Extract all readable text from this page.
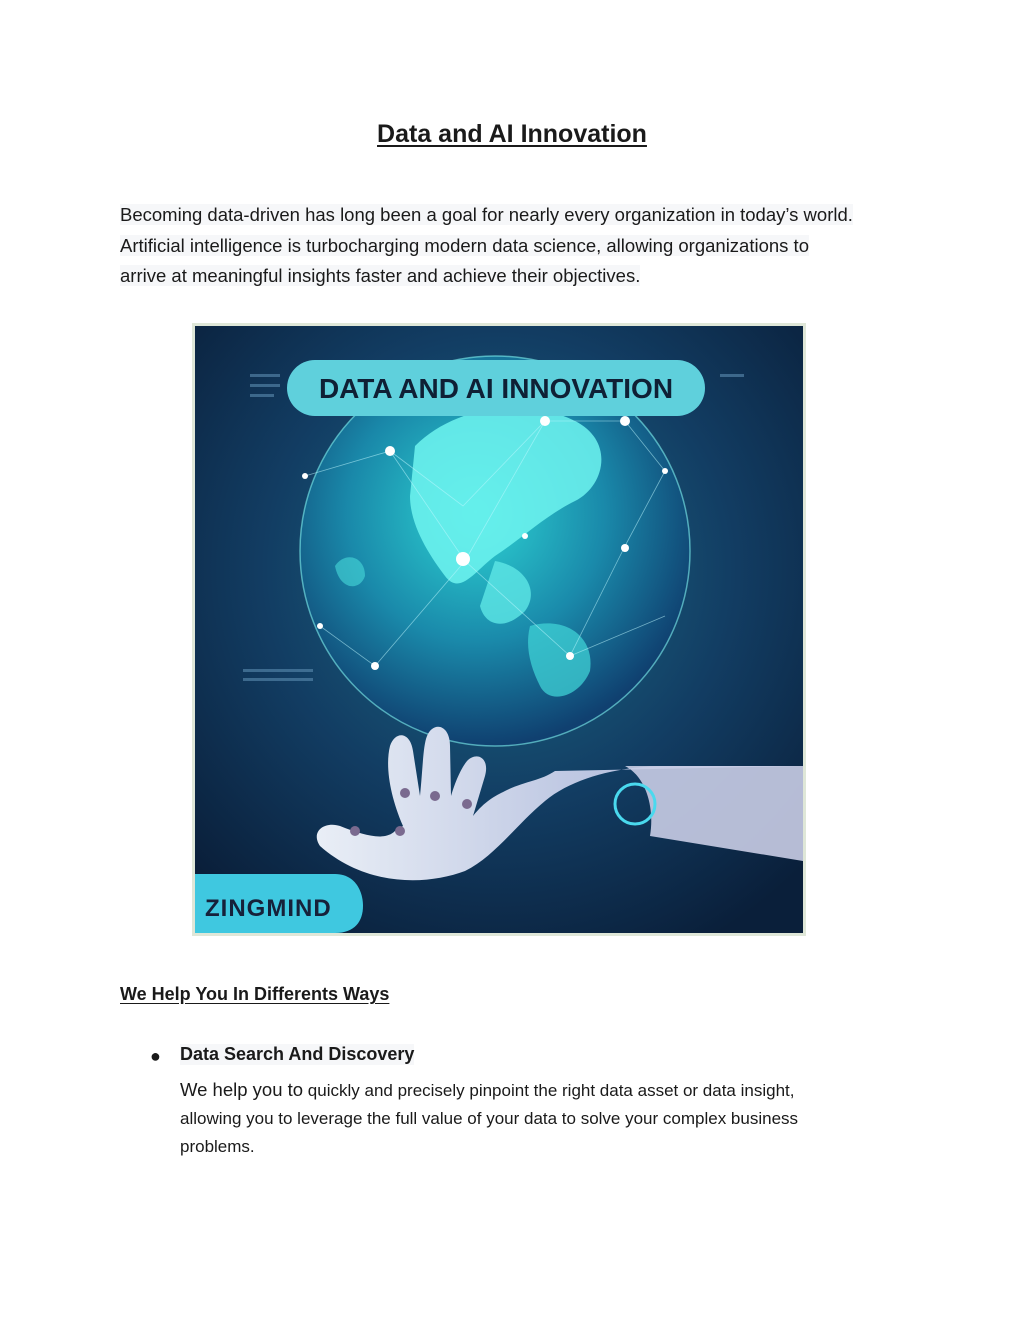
Data and AI Innovation

Becoming data-driven has long been a goal for nearly every organization in today’s world. Artificial intelligence is turbocharging modern data science, allowing organizations to arrive at meaningful insights faster and achieve their objectives.

DATA AND AI INNOVATION
ZINGMIND
We Help You In Differents Ways
● Data Search And Discovery

We help you to quickly and precisely pinpoint the right data asset or data insight, allowing you to leverage the full value of your data to solve your complex business problems.
